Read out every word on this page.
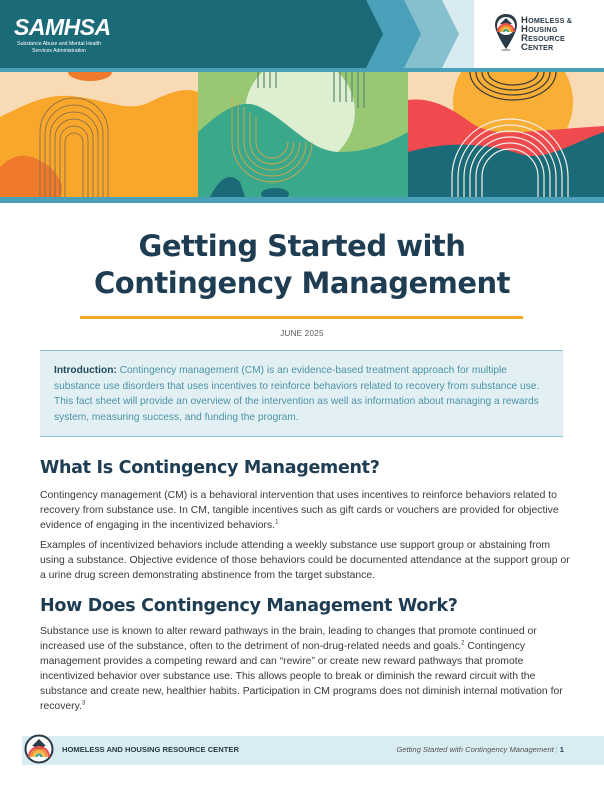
SAMHSA
Substance Abuse and Mental Health
Services Administration
HOMELESS &
HOUSING
RESOURCE
CENTER
Getting Started with
Contingency Management
JUNE 2025
Introduction: Contingency management (CM) is an evidence-based treatment approach for multiple substance use disorders that uses incentives to reinforce behaviors related to recovery from substance use. This fact sheet will provide an overview of the intervention as well as information about managing a rewards system, measuring success, and funding the program.
What Is Contingency Management?
Contingency management (CM) is a behavioral intervention that uses incentives to reinforce behaviors related to recovery from substance use. In CM, tangible incentives such as gift cards or vouchers are provided for objective evidence of engaging in the incentivized behaviors.$^1$
Examples of incentivized behaviors include attending a weekly substance use support group or abstaining from using a substance. Objective evidence of those behaviors could be documented attendance at the support group or a urine drug screen demonstrating abstinence from the target substance.
How Does Contingency Management Work?
Substance use is known to alter reward pathways in the brain, leading to changes that promote continued or increased use of the substance, often to the detriment of non-drug-related needs and goals.$^2$ Contingency management provides a competing reward and can “rewire” or create new reward pathways that promote incentivized behavior over substance use. This allows people to break or diminish the reward circuit with the substance and create new, healthier habits. Participation in CM programs does not diminish internal motivation for recovery.$^3$
HOMELESS AND HOUSING RESOURCE CENTER	Getting Started with Contingency Management | 1
